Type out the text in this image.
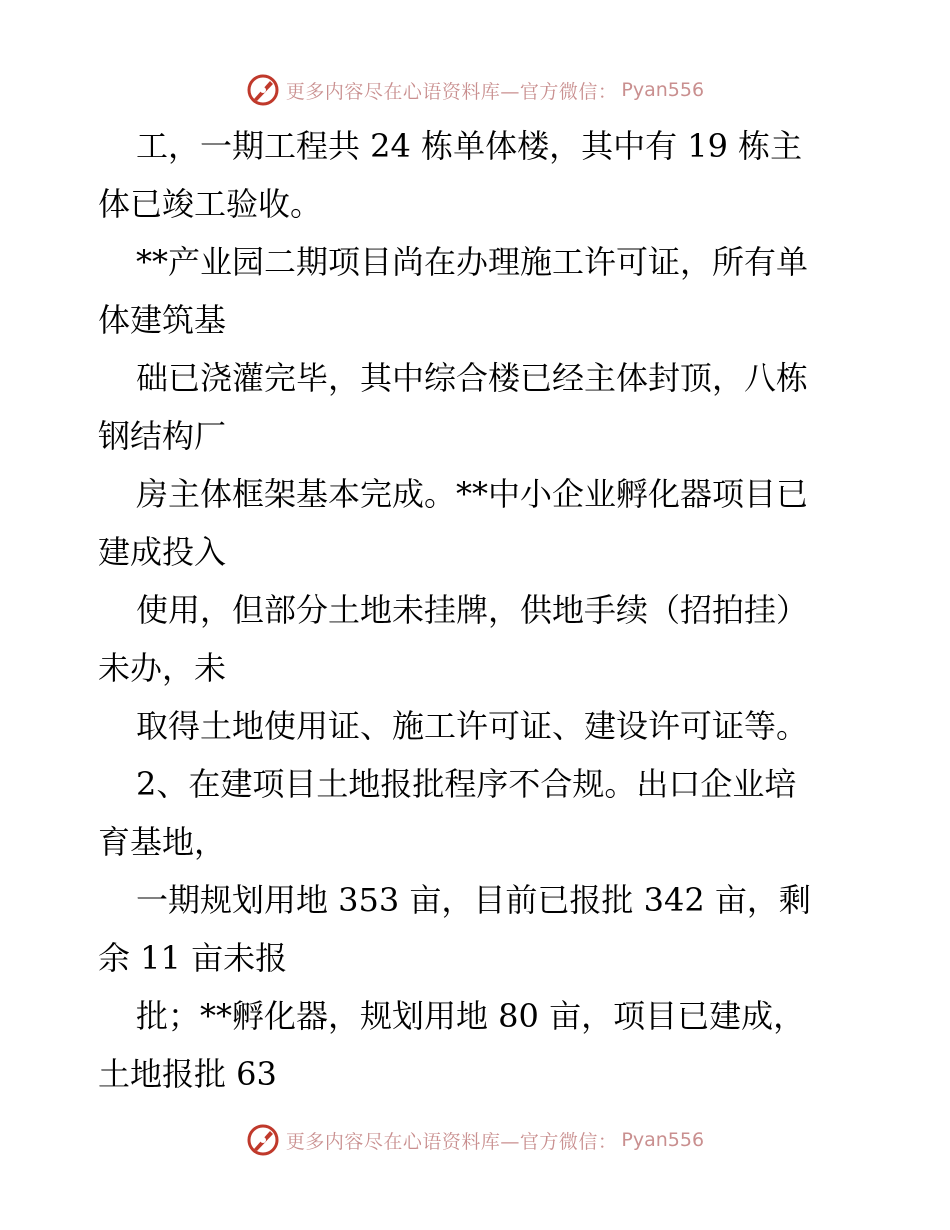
更多内容尽在心语资料库—官方微信： Pyan556

工，一期工程共 24 栋单体楼，其中有 19 栋主

体已竣工验收。

**产业园二期项目尚在办理施工许可证，所有单

体建筑基

础已浇灌完毕，其中综合楼已经主体封顶，八栋

钢结构厂

房主体框架基本完成。**中小企业孵化器项目已

建成投入

使用，但部分土地未挂牌，供地手续（招拍挂）

未办，未

取得土地使用证、施工许可证、建设许可证等。

2、在建项目土地报批程序不合规。出口企业培

育基地，

一期规划用地 353 亩，目前已报批 342 亩，剩

余 11 亩未报

批；**孵化器，规划用地 80 亩，项目已建成，

土地报批 63

更多内容尽在心语资料库—官方微信： Pyan556
